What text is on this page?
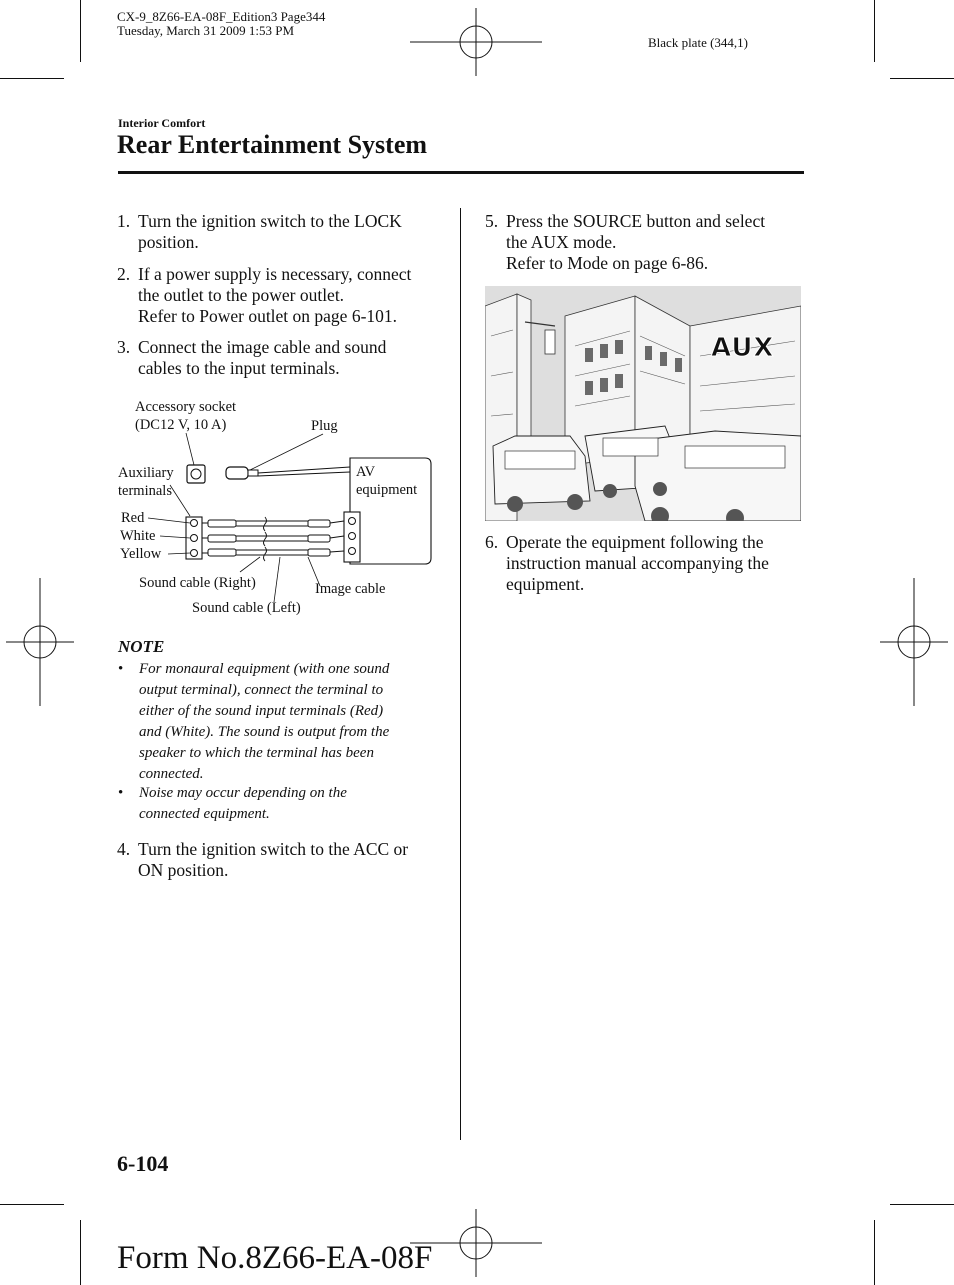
CX-9_8Z66-EA-08F_Edition3 Page344
Tuesday, March 31 2009 1:53 PM
Black plate (344,1)
Interior Comfort
Rear Entertainment System
1. Turn the ignition switch to the LOCK
position.
2. If a power supply is necessary, connect
the outlet to the power outlet.
Refer to Power outlet on page 6-101.
3. Connect the image cable and sound
cables to the input terminals.
Accessory socket
(DC12 V, 10 A)	Plug
Auxiliary
terminals
AV
equipment
Red
White
Yellow
Sound cable (Right)	Image cable
Sound cable (Left)
NOTE
• For monaural equipment (with one sound
output terminal), connect the terminal to
either of the sound input terminals (Red)
and (White). The sound is output from the
speaker to which the terminal has been
connected.
• Noise may occur depending on the
connected equipment.
4. Turn the ignition switch to the ACC or
ON position.
5. Press the SOURCE button and select
the AUX mode.
Refer to Mode on page 6-86.
AUX
6. Operate the equipment following the
instruction manual accompanying the
equipment.
6-104
Form No.8Z66-EA-08F
